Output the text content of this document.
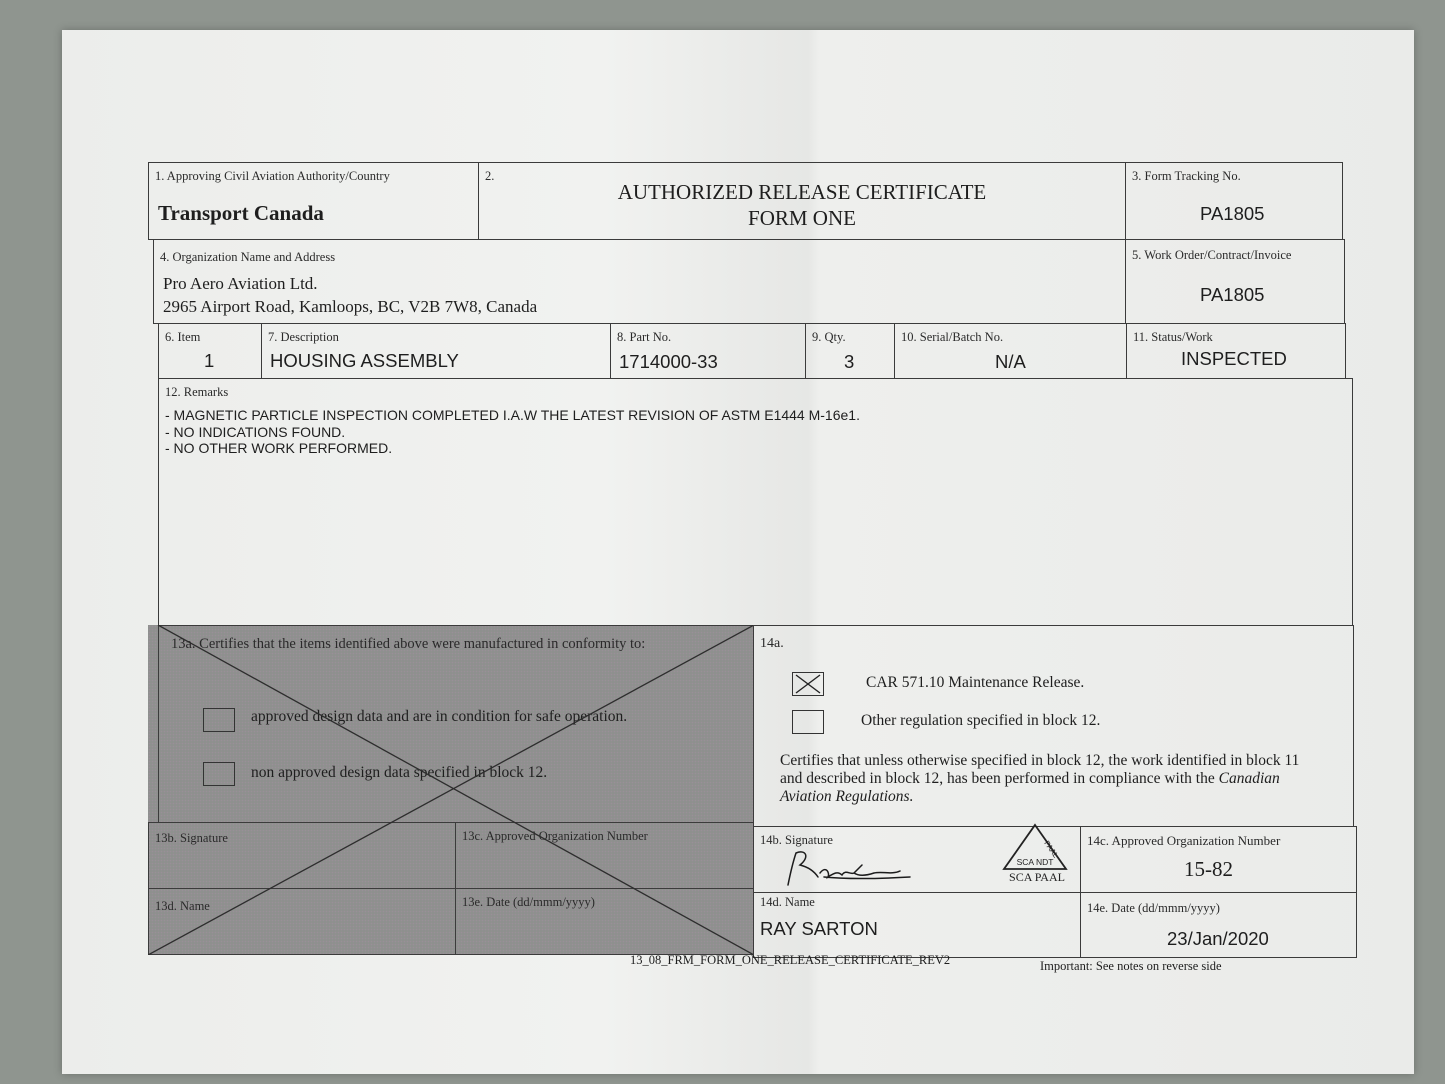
1. Approving Civil Aviation Authority/Country
Transport Canada
2.
AUTHORIZED RELEASE CERTIFICATE
FORM ONE
3. Form Tracking No.
PA1805
4. Organization Name and Address
Pro Aero Aviation Ltd.
2965 Airport Road, Kamloops, BC, V2B 7W8, Canada
5. Work Order/Contract/Invoice
PA1805
6. Item
1
7. Description
HOUSING ASSEMBLY
8. Part No.
1714000-33
9. Qty.
3
10. Serial/Batch No.
N/A
11. Status/Work
INSPECTED
12. Remarks
- MAGNETIC PARTICLE INSPECTION COMPLETED I.A.W THE LATEST REVISION OF ASTM E1444 M-16e1.
- NO INDICATIONS FOUND.
- NO OTHER WORK PERFORMED.
13a. Certifies that the items identified above were manufactured in conformity to:
approved design data and are in condition for safe operation.
non approved design data specified in block 12.
13b. Signature	13c. Approved Organization Number
13d. Name	13e. Date (dd/mmm/yyyy)
14a.
CAR 571.10 Maintenance Release.
Other regulation specified in block 12.
Certifies that unless otherwise specified in block 12, the work identified in block 11
and described in block 12, has been performed in compliance with the Canadian
Aviation Regulations.
14b. Signature	PAAL
SCA NDT
SCA PAAL
14c. Approved Organization Number
15-82
14d. Name
RAY SARTON
14e. Date (dd/mmm/yyyy)
23/Jan/2020
13_08_FRM_FORM_ONE_RELEASE_CERTIFICATE_REV2	Important: See notes on reverse side
